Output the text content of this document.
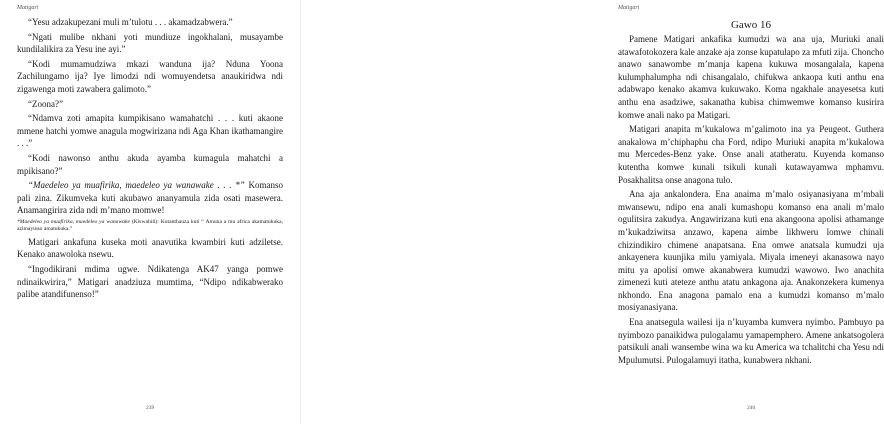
Matigari

“Yesu adzakupezani muli m’tulotu . . . akamadzabwera.”

“Ngati mulibe nkhani yoti mundiuze ingokhalani, musayambe kundilalikira za Yesu ine ayi.”

“Kodi mumamudziwa mkazi wanduna ija? Nduna Yoona Zachilungamo ija? Iye limodzi ndi womuyendetsa anaukiridwa ndi zigawenga moti zawabera galimoto.”

“Zoona?”

“Ndamva zoti amapita kumpikisano wamahatchi . . . kuti akaone mmene hatchi yomwe anagula mogwirizana ndi Aga Khan ikathamangire . . .”

“Kodi nawonso anthu akuda ayamba kumagula mahatchi a mpikisano?”

“Maedeleo ya muafirika, maedeleo ya wanawake . . . *” Komanso pali zina. Zikumveka kuti akubawo ananyamula zida osati masewera. Anamangirira zida ndi m’mano momwe!

*Maedeleo ya muafirika, maedeleo ya wanawake (Kiswahili): Kutanthauza kuti “ Amuna a mu africa akamatukuka, azimayinso amatukuka.”

Matigari ankafuna kuseka moti anavutika kwambiri kuti adziletse. Kenako anawoloka nsewu.

“Ingodikirani mdima ugwe. Ndikatenga AK47 yanga pomwe ndinaikwirira,” Matigari anadziuza mumtima, “Ndipo ndikabwerako palibe atandifunenso!”

239
Matigari

Gawo 16

Pamene Matigari ankafika kumudzi wa ana uja, Muriuki anali atawafotokozera kale anzake aja zonse kupatulapo za mfuti zija. Choncho anawo sanawombe m’manja kapena kukuwa mosangalala, kapena kulumphalumpha ndi chisangalalo, chifukwa ankaopa kuti anthu ena adabwapo kenako akamva kukuwako. Koma ngakhale anayesetsa kuti anthu ena asadziwe, sakanatha kubisa chimwemwe komanso kusirira komwe anali nako pa Matigari.

Matigari anapita m’kukalowa m’galimoto ina ya Peugeot. Guthera anakalowa m’chiphaphu cha Ford, ndipo Muriuki anapita m’kukalowa mu Mercedes-Benz yake. Onse anali atatheratu. Kuyenda komanso kutentha komwe kunali tsikuli kunali kutawayamwa mphamvu. Posakhalitsa onse anagona tulo.

Ana aja ankalondera. Ena anaima m’malo osiyanasiyana m’mbali mwansewu, ndipo ena anali kumashopu komanso ena anali m’malo ogulitsira zakudya. Angawirizana kuti ena akangoona apolisi athamange m’kukadziwitsa anzawo, kapena aimbe likhweru lomwe chinali chizindikiro chimene anapatsana. Ena omwe anatsala kumudzi uja ankayenera kuunjika milu yamiyala. Miyala imeneyi akanasowa nayo mitu ya apolisi omwe akanabwera kumudzi wawowo. Iwo anachita zimenezi kuti ateteze anthu atatu ankagona aja. Anakonzekera kumenya nkhondo. Ena anagona pamalo ena a kumudzi komanso m’malo mosiyanasiyana.

Ena anatsegula wailesi ija n’kuyamba kumvera nyimbo. Pambuyo pa nyimbozo panaikidwa pulogalamu yamapemphero. Amene ankatsogolera patsikuli anali wansembe wina wa ku America wa tchalitchi cha Yesu ndi Mpulumutsi. Pulogalamuyi itatha, kunabwera nkhani.

240
